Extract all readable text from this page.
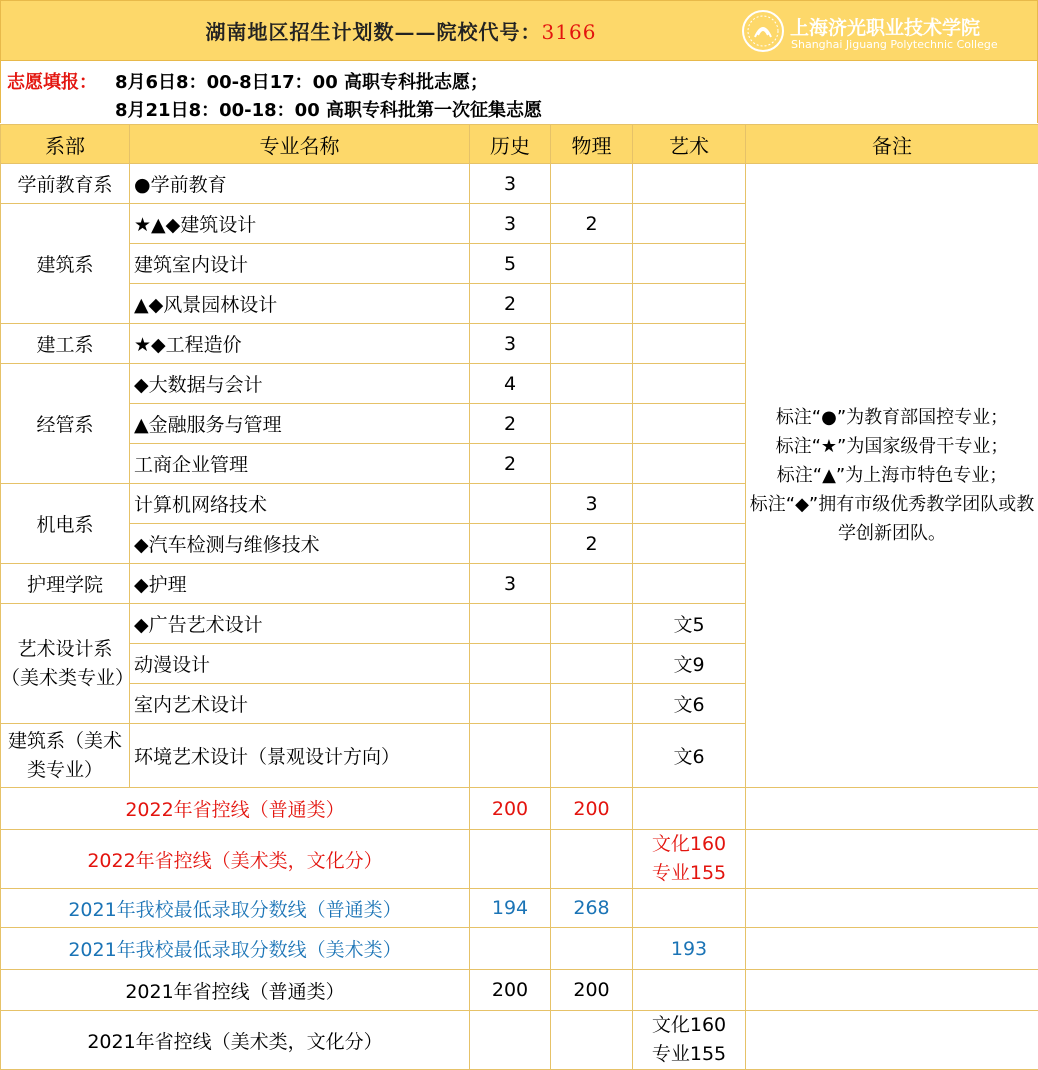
湖南地区招生计划数——院校代号：3166	上海济光职业技术学院
Shanghai Jiguang Polytechnic College
志愿填报： 8月6日8：00-8日17：00 高职专科批志愿；
8月21日8：00-18：00 高职专科批第一次征集志愿
系部	专业名称	历史	物理	艺术	备注
学前教育系	●学前教育	3			标注“●”为教育部国控专业；
标注“★”为国家级骨干专业；
标注“▲”为上海市特色专业；
标注“◆”拥有市级优秀教学团队或教学创新团队。

建筑系	★▲◆建筑设计	3	2		
	建筑室内设计	5			
	▲◆风景园林设计	2			
建工系	★◆工程造价	3			
经管系	◆大数据与会计	4			
	▲金融服务与管理	2			
	工商企业管理	2			
机电系	计算机网络技术		3		
	◆汽车检测与维修技术		2		
护理学院	◆护理	3			
艺术设计系（美术类专业）	◆广告艺术设计			文5	
	动漫设计			文9	
	室内艺术设计			文6	
建筑系（美术类专业）	环境艺术设计（景观设计方向）			文6	
2022年省控线（普通类）		200	200	

2022年省控线（美术类，文化分）				文化160
专业155	

2021年我校最低录取分数线（普通类）		194	268	

2021年我校最低录取分数线（美术类）				193	

2021年省控线（普通类）		200	200	

2021年省控线（美术类，文化分）				文化160
专业155	
